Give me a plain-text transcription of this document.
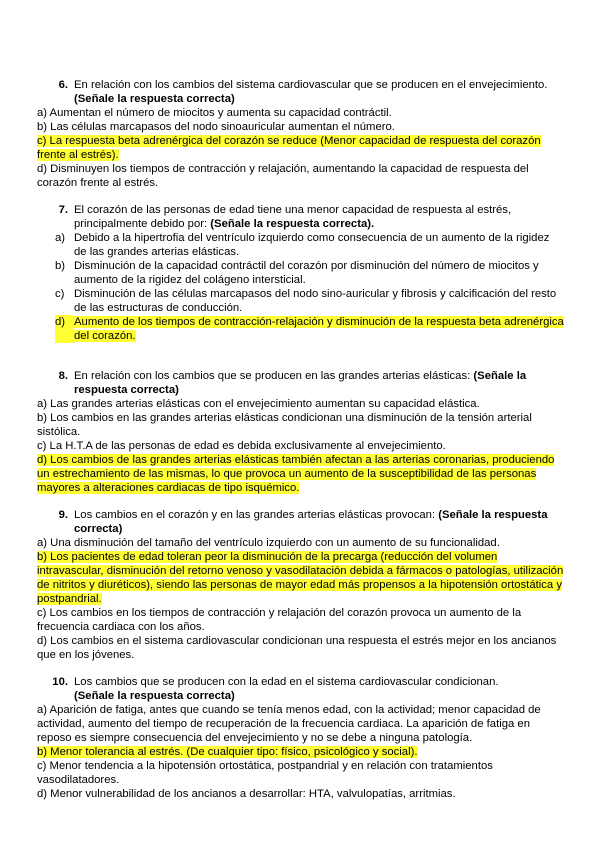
6. En relación con los cambios del sistema cardiovascular que se producen en el envejecimiento. (Señale la respuesta correcta)
a) Aumentan el número de miocitos y aumenta su capacidad contráctil.
b) Las células marcapasos del nodo sinoauricular aumentan el número.
c) La respuesta beta adrenérgica del corazón se reduce (Menor capacidad de respuesta del corazón frente al estrés).
d) Disminuyen los tiempos de contracción y relajación, aumentando la capacidad de respuesta del corazón frente al estrés.
7. El corazón de las personas de edad tiene una menor capacidad de respuesta al estrés, principalmente debido por: (Señale la respuesta correcta).
a) Debido a la hipertrofia del ventrículo izquierdo como consecuencia de un aumento de la rigidez de las grandes arterias elásticas.
b) Disminución de la capacidad contráctil del corazón por disminución del número de miocitos y aumento de la rigidez del colágeno intersticial.
c) Disminución de las células marcapasos del nodo sino-auricular y fibrosis y calcificación del resto de las estructuras de conducción.
d) Aumento de los tiempos de contracción-relajación y disminución de la respuesta beta adrenérgica del corazón.
8. En relación con los cambios que se producen en las grandes arterias elásticas: (Señale la respuesta correcta)
a) Las grandes arterias elásticas con el envejecimiento aumentan su capacidad elástica.
b) Los cambios en las grandes arterias elásticas condicionan una disminución de la tensión arterial sistólica.
c) La H.T.A de las personas de edad es debida exclusivamente al envejecimiento.
d) Los cambios de las grandes arterias elásticas también afectan a las arterias coronarias, produciendo un estrechamiento de las mismas, lo que provoca un aumento de la susceptibilidad de las personas mayores a alteraciones cardiacas de tipo isquémico.
9. Los cambios en el corazón y en las grandes arterias elásticas provocan: (Señale la respuesta correcta)
a) Una disminución del tamaño del ventrículo izquierdo con un aumento de su funcionalidad.
b) Los pacientes de edad toleran peor la disminución de la precarga (reducción del volumen intravascular, disminución del retorno venoso y vasodilatación debida a fármacos o patologías, utilización de nitritos y diuréticos), siendo las personas de mayor edad más propensos a la hipotensión ortostática y postpandrial.
c) Los cambios en los tiempos de contracción y relajación del corazón provoca un aumento de la frecuencia cardiaca con los años.
d) Los cambios en el sistema cardiovascular condicionan una respuesta el estrés mejor en los ancianos que en los jóvenes.
10. Los cambios que se producen con la edad en el sistema cardiovascular condicionan.
(Señale la respuesta correcta)
a) Aparición de fatiga, antes que cuando se tenía menos edad, con la actividad; menor capacidad de actividad, aumento del tiempo de recuperación de la frecuencia cardiaca. La aparición de fatiga en reposo es siempre consecuencia del envejecimiento y no se debe a ninguna patología.
b) Menor tolerancia al estrés. (De cualquier tipo: físico, psicológico y social).
c) Menor tendencia a la hipotensión ortostática, postpandrial y en relación con tratamientos vasodilatadores.
d) Menor vulnerabilidad de los ancianos a desarrollar: HTA, valvulopatías, arritmias.
